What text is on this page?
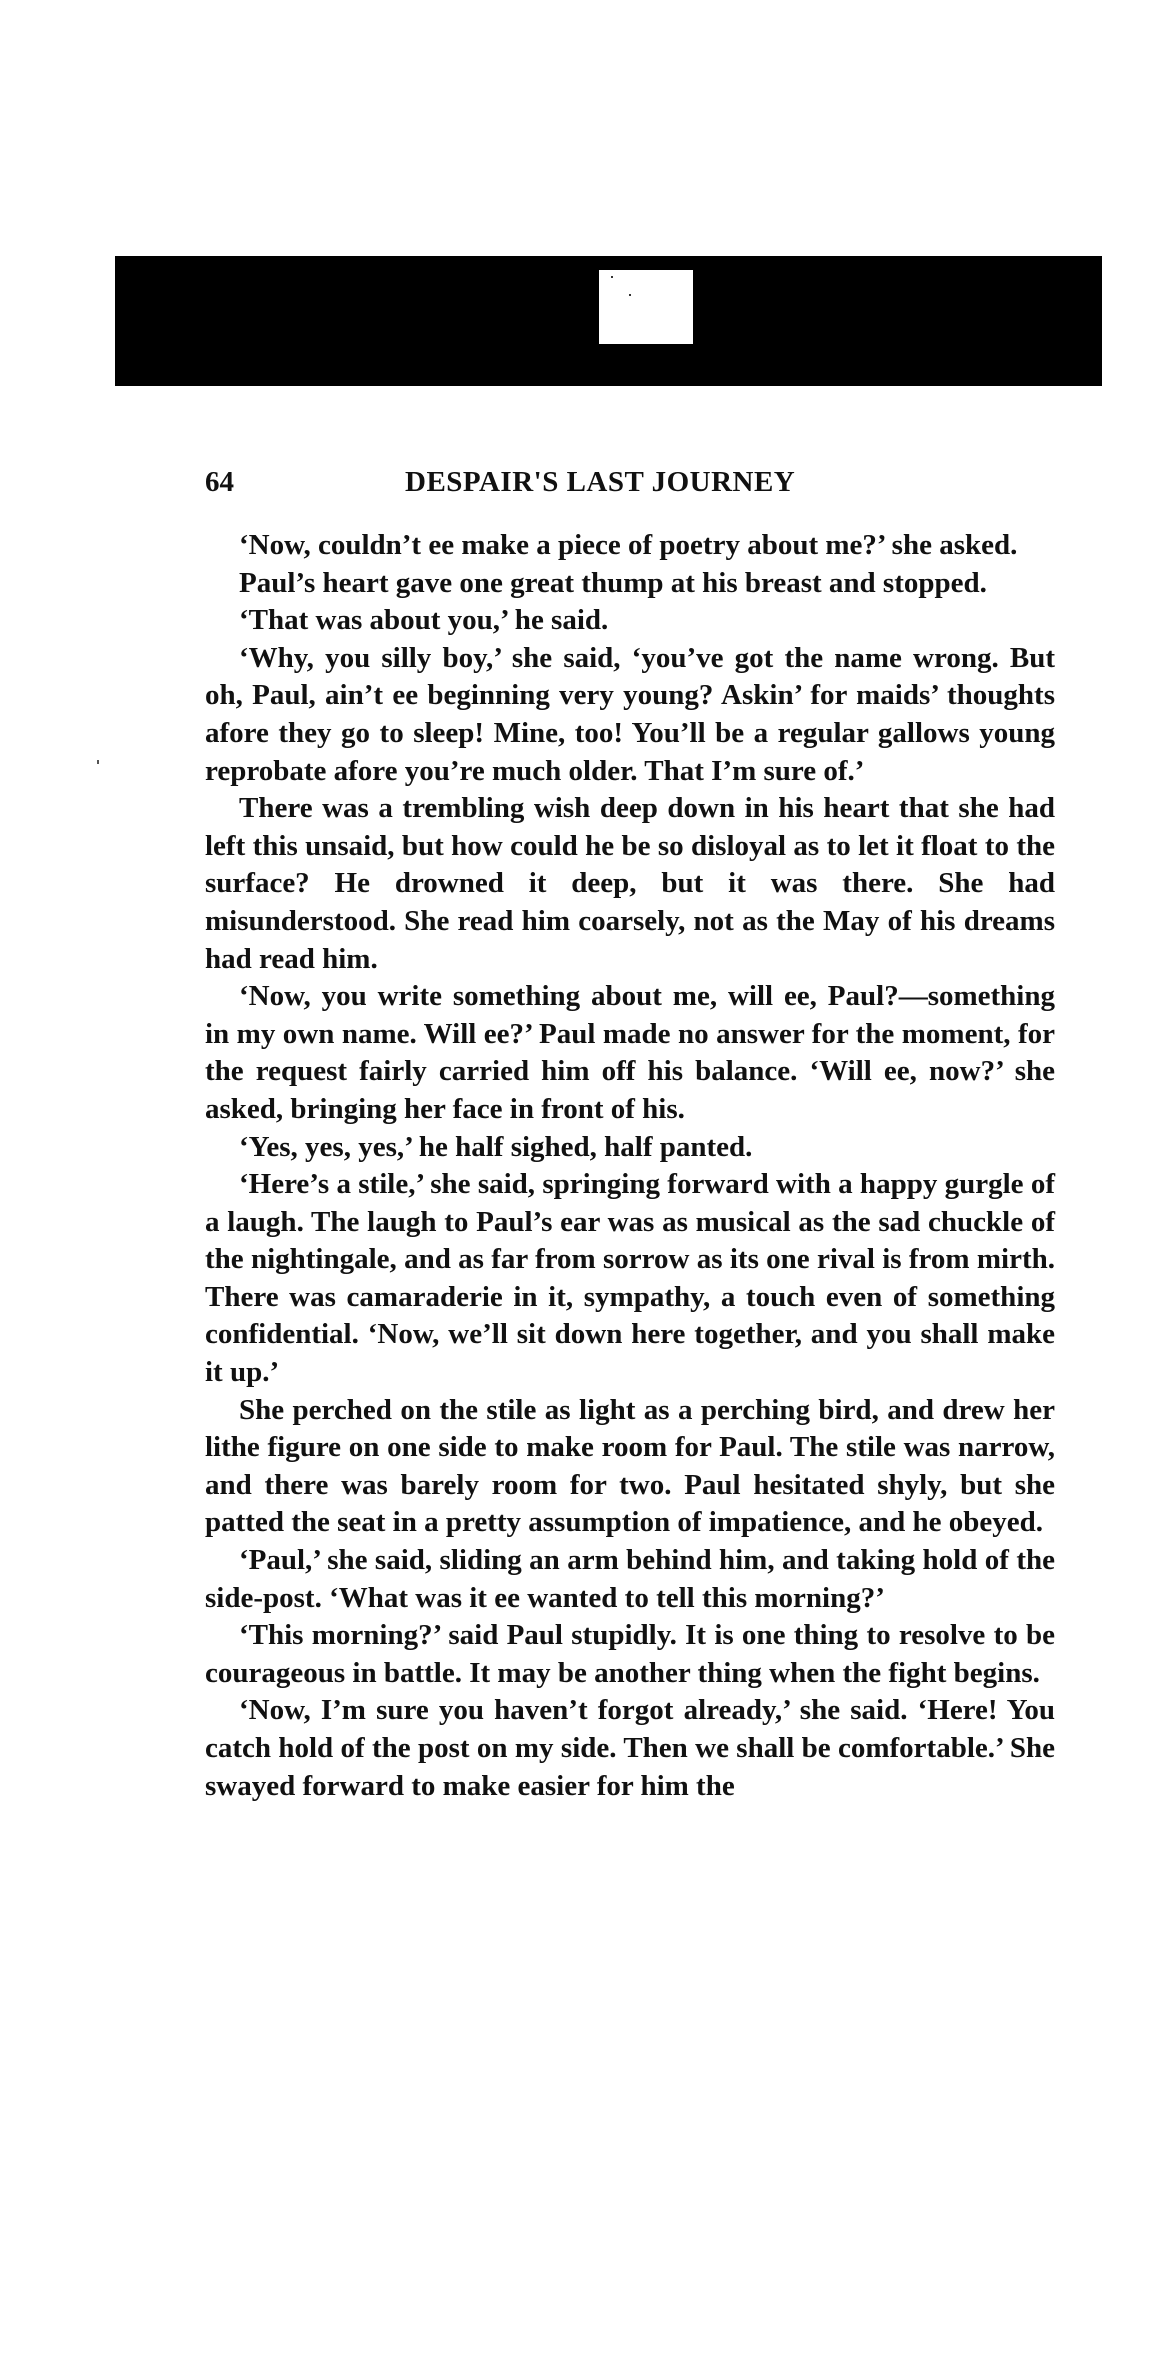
64	DESPAIR'S LAST JOURNEY

‘Now, couldn’t ee make a piece of poetry about me?’ she asked.

Paul’s heart gave one great thump at his breast and stopped.

‘That was about you,’ he said.

‘Why, you silly boy,’ she said, ‘you’ve got the name wrong. But oh, Paul, ain’t ee beginning very young? Askin’ for maids’ thoughts afore they go to sleep! Mine, too! You’ll be a regular gallows young reprobate afore you’re much older. That I’m sure of.’

There was a trembling wish deep down in his heart that she had left this unsaid, but how could he be so disloyal as to let it float to the surface? He drowned it deep, but it was there. She had misunderstood. She read him coarsely, not as the May of his dreams had read him.

‘Now, you write something about me, will ee, Paul?—something in my own name. Will ee?’ Paul made no answer for the moment, for the request fairly carried him off his balance. ‘Will ee, now?’ she asked, bringing her face in front of his.

‘Yes, yes, yes,’ he half sighed, half panted.

‘Here’s a stile,’ she said, springing forward with a happy gurgle of a laugh. The laugh to Paul’s ear was as musical as the sad chuckle of the nightingale, and as far from sorrow as its one rival is from mirth. There was camaraderie in it, sympathy, a touch even of something confidential. ‘Now, we’ll sit down here together, and you shall make it up.’

She perched on the stile as light as a perching bird, and drew her lithe figure on one side to make room for Paul. The stile was narrow, and there was barely room for two. Paul hesitated shyly, but she patted the seat in a pretty assumption of impatience, and he obeyed.

‘Paul,’ she said, sliding an arm behind him, and taking hold of the side-post. ‘What was it ee wanted to tell this morning?’

‘This morning?’ said Paul stupidly. It is one thing to resolve to be courageous in battle. It may be another thing when the fight begins.

‘Now, I’m sure you haven’t forgot already,’ she said. ‘Here! You catch hold of the post on my side. Then we shall be comfortable.’ She swayed forward to make easier for him the
